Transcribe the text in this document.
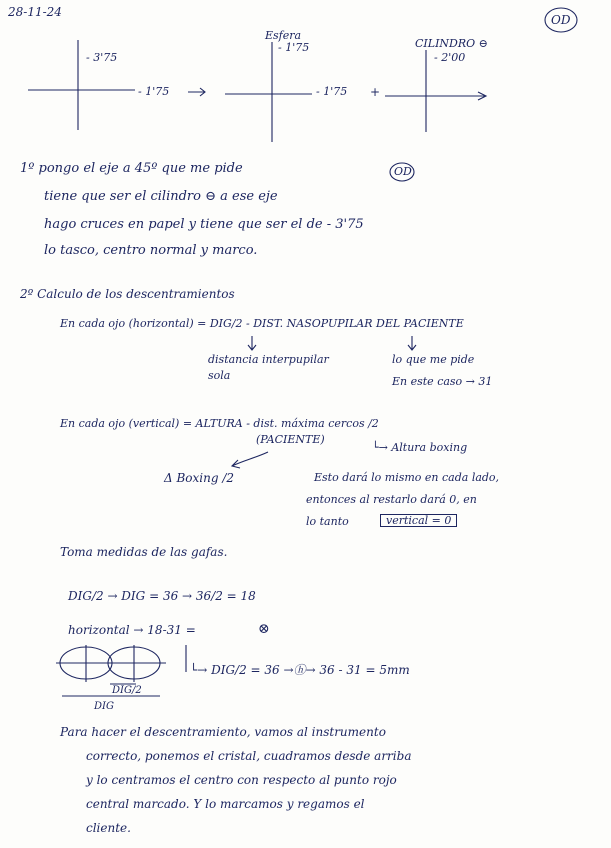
28-11-24
OD
- 3'75
- 1'75
Esfera
- 1'75
- 1'75 +
CILINDRO ⊖
- 2'00
1º pongo el eje a 45º que me pide	OD
tiene que ser el cilindro ⊖ a ese eje
hago cruces en papel y tiene que ser el de - 3'75
lo tasco, centro normal y marco.
2º Calculo de los descentramientos
En cada ojo (horizontal) = DIG/2 - DIST. NASOPUPILAR DEL PACIENTE
distancia interpupilar
sola
lo que me pide
En este caso → 31
En cada ojo (vertical) = ALTURA - dist. máxima cercos /2
(PACIENTE)
└→ Altura boxing
Δ Boxing /2	Esto dará lo mismo en cada lado,
entonces al restarlo dará 0, en
lo tanto	vertical = 0
Toma medidas de las gafas.
DIG/2 → DIG = 36 → 36/2 = 18
horizontal → 18-31 =	⊗
└→ DIG/2 = 36 →ⓗ→ 36 - 31 = 5mm
DIG/2
DIG
Para hacer el descentramiento, vamos al instrumento
correcto, ponemos el cristal, cuadramos desde arriba
y lo centramos el centro con respecto al punto rojo
central marcado. Y lo marcamos y regamos el
cliente.
